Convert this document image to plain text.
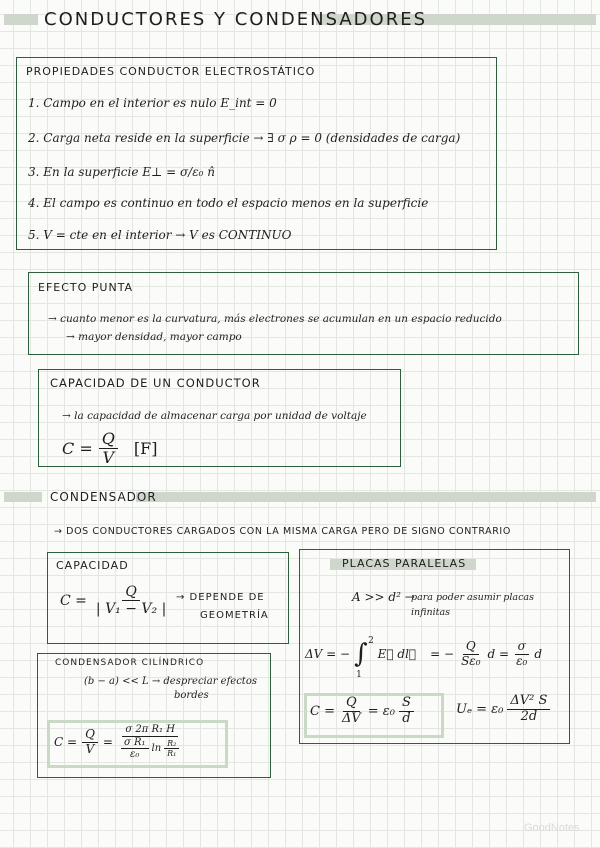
CONDUCTORES Y CONDENSADORES
PROPIEDADES CONDUCTOR ELECTROSTÁTICO
1. Campo en el interior es nulo E_int = 0
2. Carga neta reside en la superficie → ∃ σ ρ = 0 (densidades de carga)
3. En la superficie E⊥ = σ/ε₀ n̂
4. El campo es continuo en todo el espacio menos en la superficie
5. V = cte en el interior → V es CONTINUO
EFECTO PUNTA
→ cuanto menor es la curvatura, más electrones se acumulan en un espacio reducido
→ mayor densidad, mayor campo
CAPACIDAD DE UN CONDUCTOR
→ la capacidad de almacenar carga por unidad de voltaje
$C = \frac{Q}{V} [F]$
CONDENSADOR
→ DOS CONDUCTORES CARGADOS CON LA MISMA CARGA PERO DE SIGNO CONTRARIO
CAPACIDAD
$C = \frac{Q}{\text{| V₁ − V₂ |}}$ → DEPENDE DE
GEOMETRÍA
CONDENSADOR CILÍNDRICO
(b − a) << L → despreciar efectos
bordes
$C = \frac{Q}{V} = \frac{\text{σ 2π R₁ H}}{\frac{\text{σ R₁}}{\text{ε₀}} \ln \frac{\text{R₂}}{\text{R₁}}}$
PLACAS PARALELAS
A >> d² →
para poder asumir placas
infinitas
ΔV = − ∫ 2
1
E⃗ dl⃗ = − $\frac{Q}{\text{Sε₀}}$ $d = \frac{\sigma}{\text{ε₀}}$ d
$C = \frac{Q}{\Delta V} = \varepsilon_0 \frac{S}{d}$	$U_e = \varepsilon_0 \frac{\text{ΔV² S}}{2d}$
GoodNotes
